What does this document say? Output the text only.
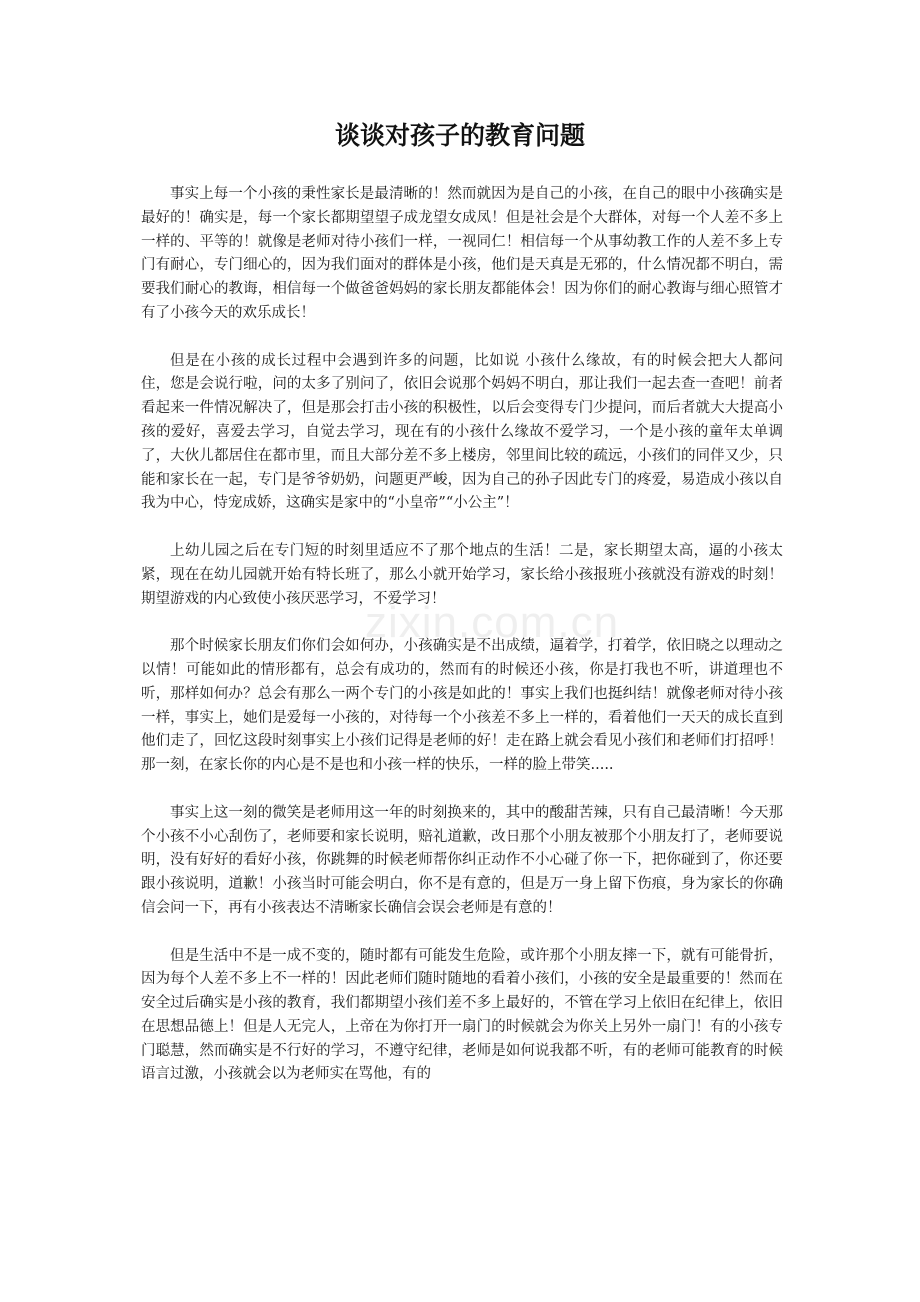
谈谈对孩子的教育问题

事实上每一个小孩的秉性家长是最清晰的！然而就因为是自己的小孩，在自己的眼中小孩确实是最好的！确实是，每一个家长都期望望子成龙望女成凤！但是社会是个大群体，对每一个人差不多上一样的、平等的！就像是老师对待小孩们一样，一视同仁！相信每一个从事幼教工作的人差不多上专门有耐心，专门细心的，因为我们面对的群体是小孩，他们是天真是无邪的，什么情况都不明白，需要我们耐心的教诲，相信每一个做爸爸妈妈的家长朋友都能体会！因为你们的耐心教诲与细心照管才有了小孩今天的欢乐成长！

但是在小孩的成长过程中会遇到许多的问题，比如说 小孩什么缘故，有的时候会把大人都问住，您是会说行啦，问的太多了别问了，依旧会说那个妈妈不明白，那让我们一起去查一查吧！前者看起来一件情况解决了，但是那会打击小孩的积极性，以后会变得专门少提问，而后者就大大提高小孩的爱好，喜爱去学习，自觉去学习，现在有的小孩什么缘故不爱学习，一个是小孩的童年太单调了，大伙儿都居住在都市里，而且大部分差不多上楼房，邻里间比较的疏远，小孩们的同伴又少，只能和家长在一起，专门是爷爷奶奶，问题更严峻，因为自己的孙子因此专门的疼爱，易造成小孩以自我为中心，恃宠成娇，这确实是家中的“小皇帝”“小公主”！

上幼儿园之后在专门短的时刻里适应不了那个地点的生活！二是，家长期望太高，逼的小孩太紧，现在在幼儿园就开始有特长班了，那么小就开始学习，家长给小孩报班小孩就没有游戏的时刻！期望游戏的内心致使小孩厌恶学习，不爱学习！

那个时候家长朋友们你们会如何办，小孩确实是不出成绩，逼着学，打着学，依旧晓之以理动之以情！可能如此的情形都有，总会有成功的，然而有的时候还小孩，你是打我也不听，讲道理也不听，那样如何办？总会有那么一两个专门的小孩是如此的！事实上我们也挺纠结！就像老师对待小孩一样，事实上，她们是爱每一小孩的，对待每一个小孩差不多上一样的，看着他们一天天的成长直到他们走了，回忆这段时刻事实上小孩们记得是老师的好！走在路上就会看见小孩们和老师们打招呼！那一刻，在家长你的内心是不是也和小孩一样的快乐，一样的脸上带笑.....

事实上这一刻的微笑是老师用这一年的时刻换来的，其中的酸甜苦辣，只有自己最清晰！今天那个小孩不小心刮伤了，老师要和家长说明，赔礼道歉，改日那个小朋友被那个小朋友打了，老师要说明，没有好好的看好小孩，你跳舞的时候老师帮你纠正动作不小心碰了你一下，把你碰到了，你还要跟小孩说明，道歉！小孩当时可能会明白，你不是有意的，但是万一身上留下伤痕，身为家长的你确信会问一下，再有小孩表达不清晰家长确信会误会老师是有意的！

但是生活中不是一成不变的，随时都有可能发生危险，或许那个小朋友摔一下，就有可能骨折，因为每个人差不多上不一样的！因此老师们随时随地的看着小孩们，小孩的安全是最重要的！然而在安全过后确实是小孩的教育，我们都期望小孩们差不多上最好的，不管在学习上依旧在纪律上，依旧在思想品德上！但是人无完人，上帝在为你打开一扇门的时候就会为你关上另外一扇门！有的小孩专门聪慧，然而确实是不行好的学习，不遵守纪律，老师是如何说我都不听，有的老师可能教育的时候语言过激，小孩就会以为老师实在骂他，有的

zixin.com.cn
